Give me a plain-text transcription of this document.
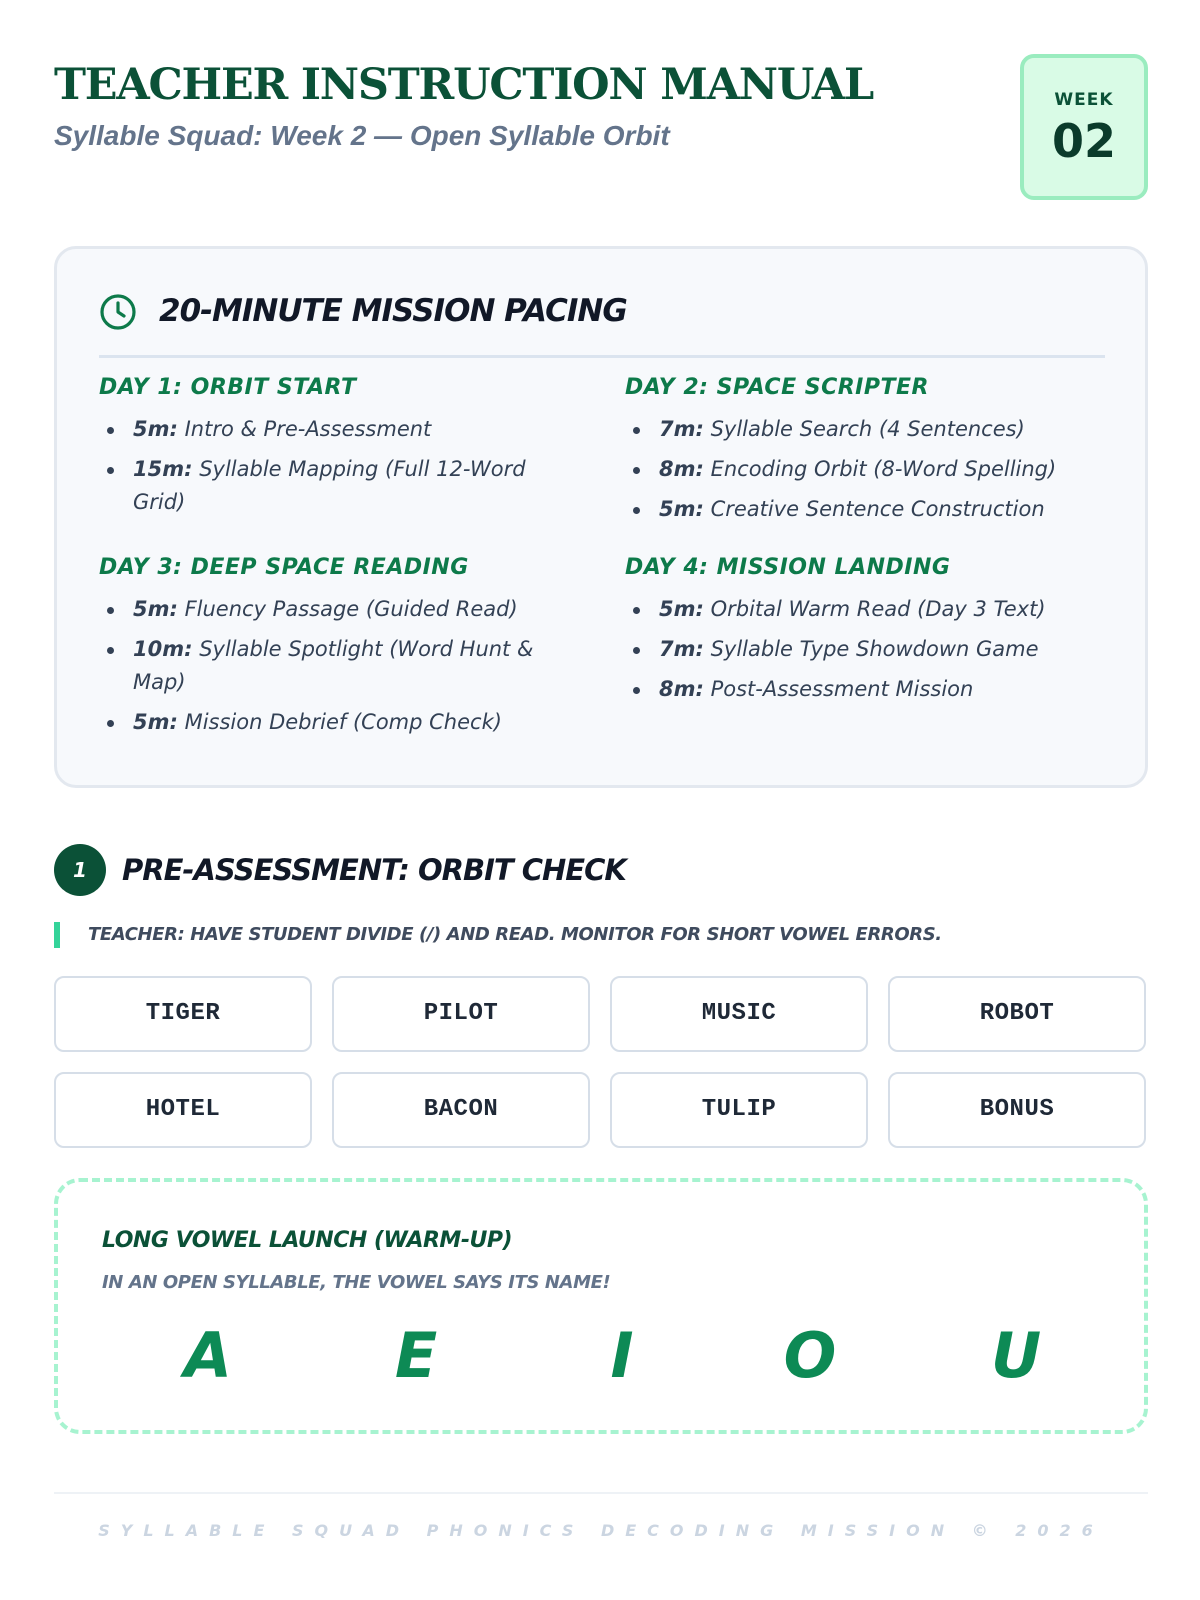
TEACHER INSTRUCTION MANUAL

Syllable Squad: Week 2 — Open Syllable Orbit

WEEK
02
20-MINUTE MISSION PACING
DAY 1: ORBIT START
5m: Intro & Pre-Assessment
15m: Syllable Mapping (Full 12-Word Grid)
DAY 2: SPACE SCRIPTER
7m: Syllable Search (4 Sentences)
8m: Encoding Orbit (8-Word Spelling)
5m: Creative Sentence Construction
DAY 3: DEEP SPACE READING
5m: Fluency Passage (Guided Read)
10m: Syllable Spotlight (Word Hunt & Map)
5m: Mission Debrief (Comp Check)
DAY 4: MISSION LANDING
5m: Orbital Warm Read (Day 3 Text)
7m: Syllable Type Showdown Game
8m: Post-Assessment Mission
1	PRE-ASSESSMENT: ORBIT CHECK
TEACHER: HAVE STUDENT DIVIDE (/) AND READ. MONITOR FOR SHORT VOWEL ERRORS.
TIGER	PILOT	MUSIC	ROBOT
HOTEL	BACON	TULIP	BONUS
LONG VOWEL LAUNCH (WARM-UP)

IN AN OPEN SYLLABLE, THE VOWEL SAYS ITS NAME!

A	E	I	O	U
SYLLABLE SQUAD PHONICS DECODING MISSION © 2026
